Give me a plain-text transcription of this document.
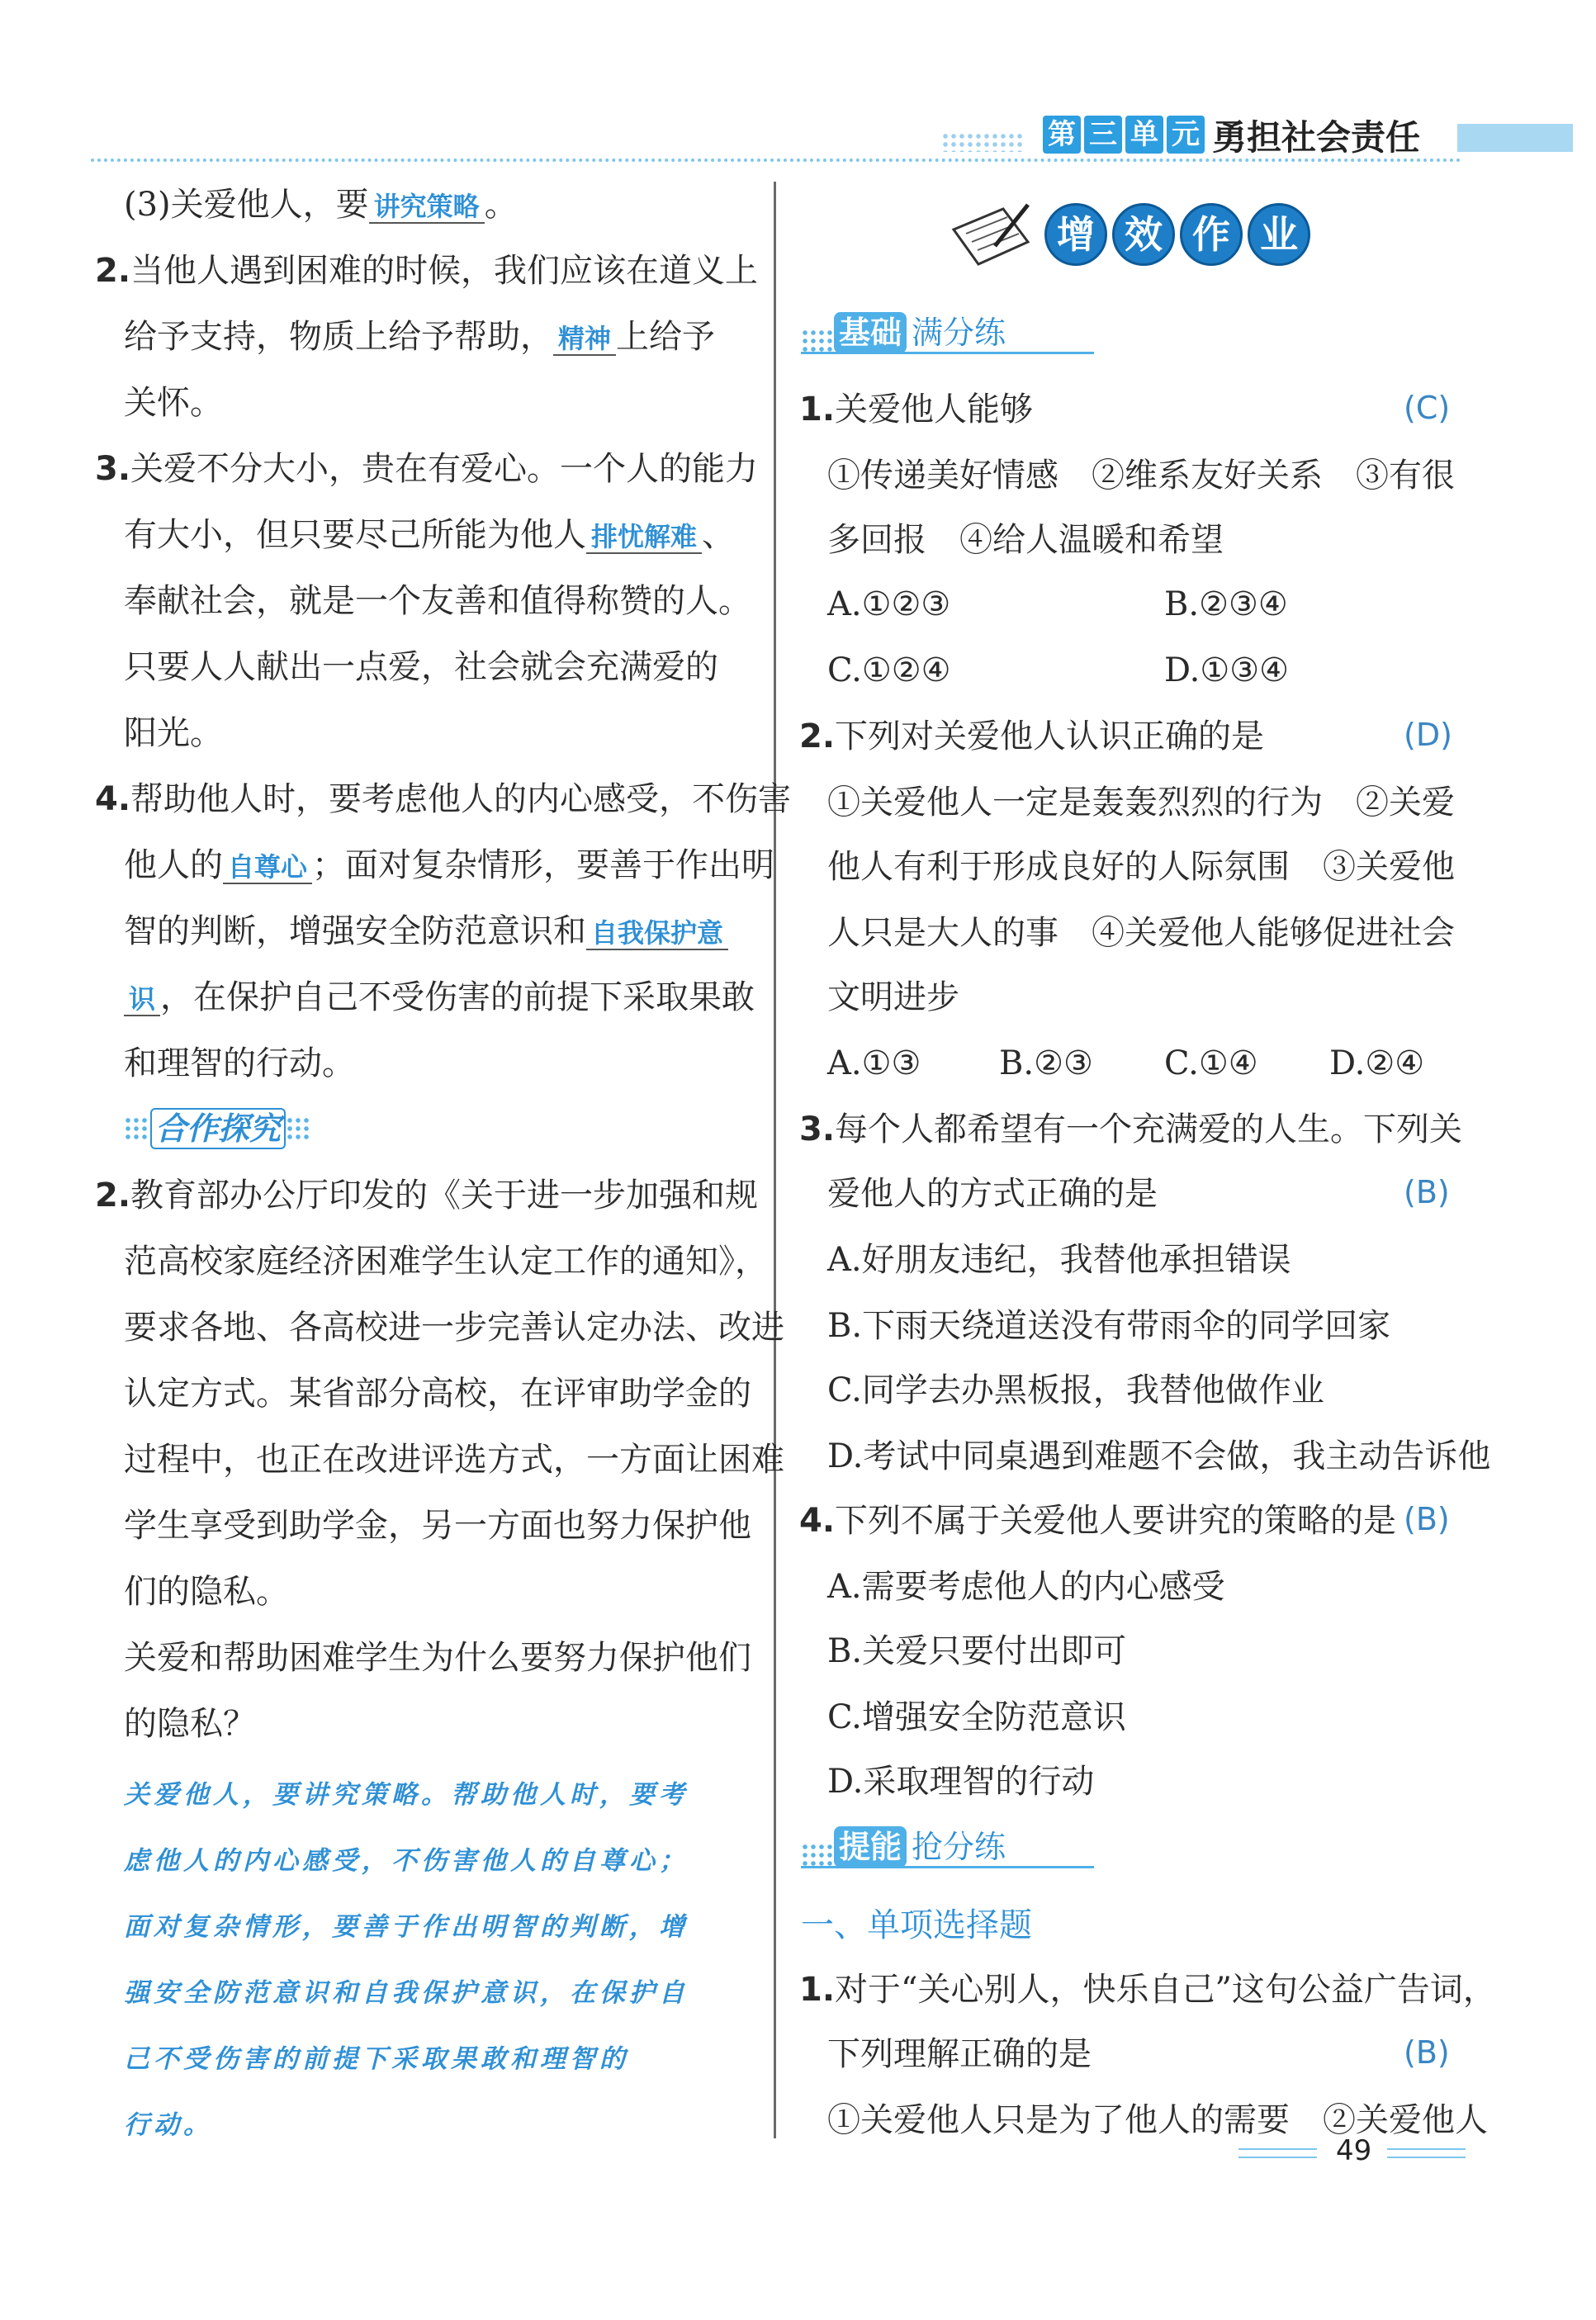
第 三 单 元 勇担社会责任
(3)关爱他人，要 讲究策略 。
2.当他人遇到困难的时候，我们应该在道义上
给予支持，物质上给予帮助， 精神 上给予
关怀。
3.关爱不分大小，贵在有爱心。一个人的能力
有大小，但只要尽己所能为他人 排忧解难 、
奉献社会，就是一个友善和值得称赞的人。
只要人人献出一点爱，社会就会充满爱的
阳光。
4.帮助他人时，要考虑他人的内心感受，不伤害
他人的 自尊心 ；面对复杂情形，要善于作出明
智的判断，增强安全防范意识和 自我保护意
识 ，在保护自己不受伤害的前提下采取果敢
和理智的行动。
合作探究
2.教育部办公厅印发的《关于进一步加强和规
范高校家庭经济困难学生认定工作的通知》，
要求各地、各高校进一步完善认定办法、改进
认定方式。某省部分高校，在评审助学金的
过程中，也正在改进评选方式，一方面让困难
学生享受到助学金，另一方面也努力保护他
们的隐私。
关爱和帮助困难学生为什么要努力保护他们
的隐私？
关爱他人，要讲究策略。帮助他人时，要考
虑他人的内心感受，不伤害他人的自尊心；
面对复杂情形，要善于作出明智的判断，增
强安全防范意识和自我保护意识，在保护自
己不受伤害的前提下采取果敢和理智的
行动。
增 效 作 业
基础 满分练
1.关爱他人能够	(C)
①传递美好情感　②维系友好关系　③有很
多回报　④给人温暖和希望
A.①②③	B.②③④
C.①②④	D.①③④
2.下列对关爱他人认识正确的是	(D)
①关爱他人一定是轰轰烈烈的行为　②关爱
他人有利于形成良好的人际氛围　③关爱他
人只是大人的事　④关爱他人能够促进社会
文明进步
A.①③ B.②③ C.①④ D.②④
3.每个人都希望有一个充满爱的人生。下列关
爱他人的方式正确的是	(B)
A.好朋友违纪，我替他承担错误
B.下雨天绕道送没有带雨伞的同学回家
C.同学去办黑板报，我替他做作业
D.考试中同桌遇到难题不会做，我主动告诉他
4.下列不属于关爱他人要讲究的策略的是 (B)
A.需要考虑他人的内心感受
B.关爱只要付出即可
C.增强安全防范意识
D.采取理智的行动
提能 抢分练
一、单项选择题
1.对于“关心别人，快乐自己”这句公益广告词，
下列理解正确的是	(B)
①关爱他人只是为了他人的需要　②关爱他人
49
